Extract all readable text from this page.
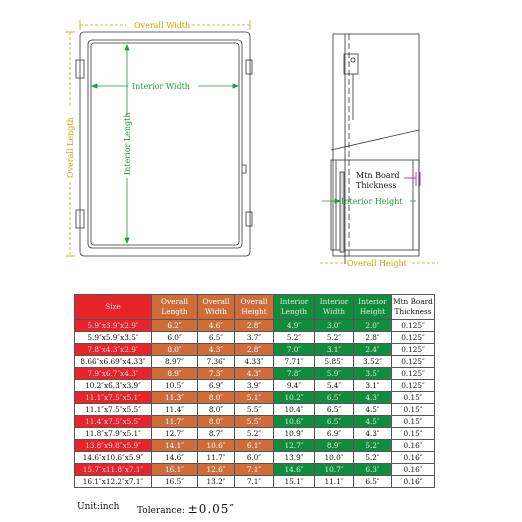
Overall Width
Overall Length
Interior Width
Interior Length
Mtn Board
Thickness
Interior Height
Overall Height
Size	Overall Length	Overall Width	Overall Height	Interior Length	Interior Width	Interior Height	Mtn Board Thickness
5.9″x3.9″x2.9″	6.2″	4.6″	2.8″	4.9″	3.0″	2.0″	0.125″
5.9″x5.9″x3.5″	6.0″	6.5″	3.7″	5.2″	5.2″	2.8″	0.125″
7.8″x4.3″x2.9″	8.0″	4.3″	2.8″	7.0″	3.1″	2.4″	0.125″
8.66″x6.69″x4.33″	8.97″	7.36″	4.33″	7.71″	5.85″	3.52″	0.125″
7.9″x6.7″x4.3″	8.9″	7.3″	4.3″	7.8″	5.9″	3.5″	0.125″
10.2″x6.3″x3.9″	10.5″	6.9″	3.9″	9.4″	5.4″	3.1″	0.125″
11.1″x7.5″x5.1″	11.3″	8.0″	5.1″	10.2″	6.5″	4.3″	0.15″
11.1″x7.5″x5.5″	11.4″	8.0″	5.5″	10.4″	6.5″	4.5″	0.15″
11.4″x7.5″x5.5″	11.7″	8.0″	5.5″	10.6″	6.5″	4.5″	0.15″
11.8″x7.9″x5.1″	12.7″	8.7″	5.2″	10.9″	6.9″	4.3″	0.15″
13.8″x9.8″x5.9″	14.1″	10.6″	6.1″	12.7″	8.9″	5.2″	0.16″
14.6″x10.6″x5.9″	14.6″	11.7″	6.0″	13.9″	10.0″	5.2″	0.16″
15.7″x11.8″x7.1″	16.1″	12.6″	7.1″	14.6″	10.7″	6.3″	0.16″
16.1″x12.2″x7.1″	16.5″	13.2″	7.1″	15.1″	11.1″	6.5″	0.16″
Unit:inch Tolerance: ±0.05″
